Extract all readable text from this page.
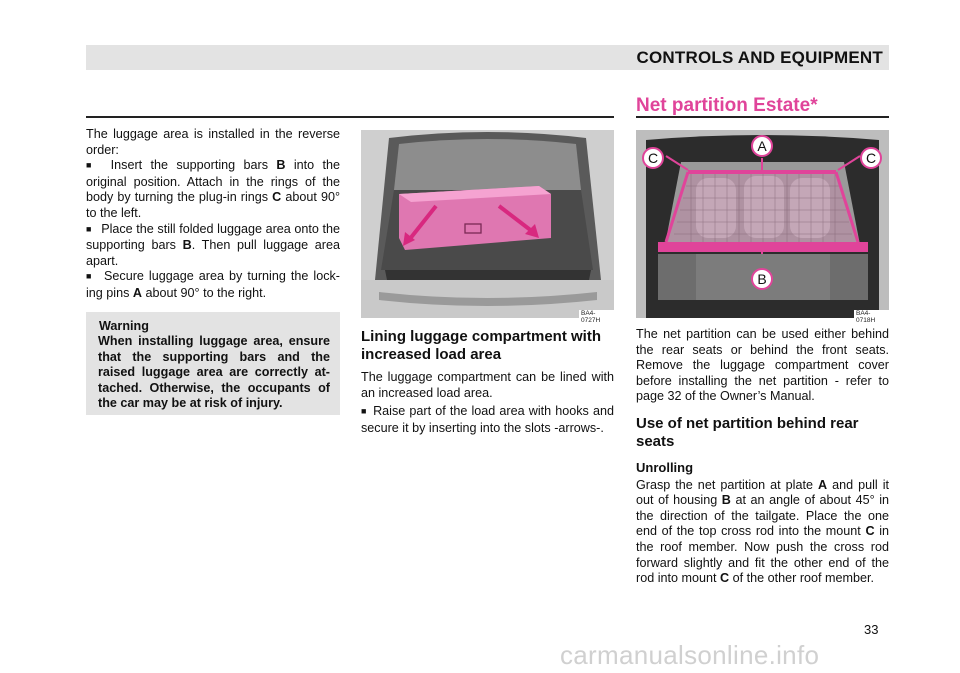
CONTROLS AND EQUIPMENT

The luggage area is installed in the reverse order:

■ Insert the supporting bars B into the original position. Attach in the rings of the body by turning the plug-in rings C about 90° to the left.

■ Place the still folded luggage area onto the supporting bars B. Then pull luggage area apart.

■ Secure luggage area by turning the lock-ing pins A about 90° to the right.

Warning
When installing luggage area, ensure that the supporting bars and the raised luggage area are correctly at-tached. Otherwise, the occupants of the car may be at risk of injury.
BA4-0727H
Lining luggage compartment with increased load area

The luggage compartment can be lined with an increased load area.

■ Raise part of the load area with hooks and secure it by inserting into the slots -arrows-.

Net partition Estate*
A
C	C
B
BA4-0718H

The net partition can be used either behind the rear seats or behind the front seats. Remove the luggage compartment cover before installing the net partition - refer to page 32 of the Owner’s Manual.

Use of net partition behind rear seats
Unrolling

Grasp the net partition at plate A and pull it out of housing B at an angle of about 45° in the direction of the tailgate. Place the one end of the top cross rod into the mount C in the roof member. Now push the cross rod forward slightly and fit the other end of the rod into mount C of the other roof member.

33
carmanualsonline.info
